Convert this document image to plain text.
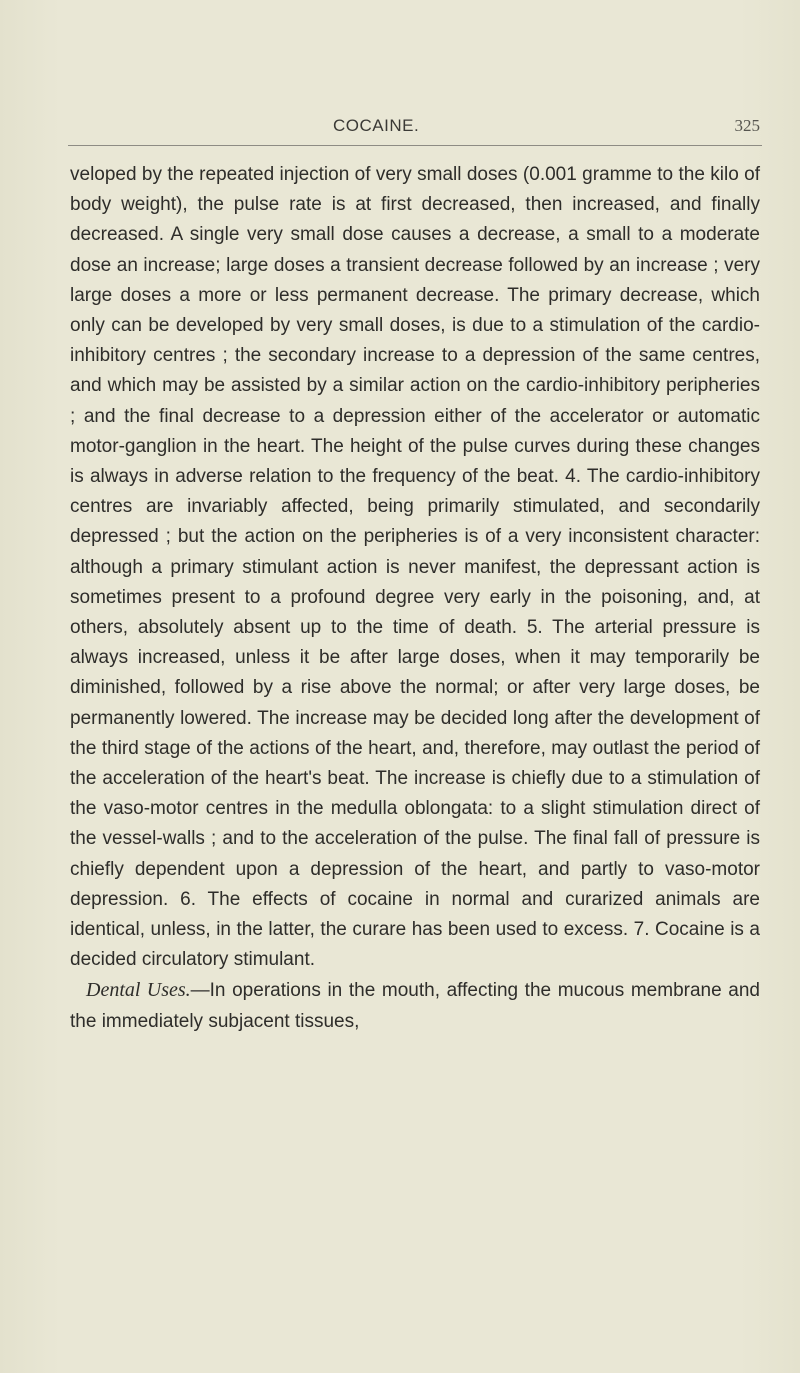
COCAINE.	325

veloped by the repeated injection of very small doses (0.001 gramme to the kilo of body weight), the pulse rate is at first decreased, then increased, and finally decreased. A single very small dose causes a decrease, a small to a moderate dose an increase; large doses a transient decrease followed by an increase ; very large doses a more or less permanent decrease. The primary decrease, which only can be developed by very small doses, is due to a stimulation of the cardio-inhibitory centres ; the secondary increase to a depression of the same centres, and which may be assisted by a similar action on the cardio-inhibitory peripheries ; and the final decrease to a depression either of the accelerator or automatic motor-ganglion in the heart. The height of the pulse curves during these changes is always in adverse relation to the frequency of the beat. 4. The cardio-inhibitory centres are invariably affected, being primarily stimulated, and secondarily depressed ; but the action on the peripheries is of a very inconsistent character: although a primary stimulant action is never manifest, the depressant action is sometimes present to a profound degree very early in the poisoning, and, at others, absolutely absent up to the time of death. 5. The arterial pressure is always increased, unless it be after large doses, when it may temporarily be diminished, followed by a rise above the normal; or after very large doses, be permanently lowered. The increase may be decided long after the development of the third stage of the actions of the heart, and, therefore, may outlast the period of the acceleration of the heart's beat. The increase is chiefly due to a stimulation of the vaso-motor centres in the medulla oblongata: to a slight stimulation direct of the vessel-walls ; and to the acceleration of the pulse. The final fall of pressure is chiefly dependent upon a depression of the heart, and partly to vaso-motor depression. 6. The effects of cocaine in normal and curarized animals are identical, unless, in the latter, the curare has been used to excess. 7. Cocaine is a decided circulatory stimulant.

Dental Uses.—In operations in the mouth, affecting the mucous membrane and the immediately subjacent tissues,
